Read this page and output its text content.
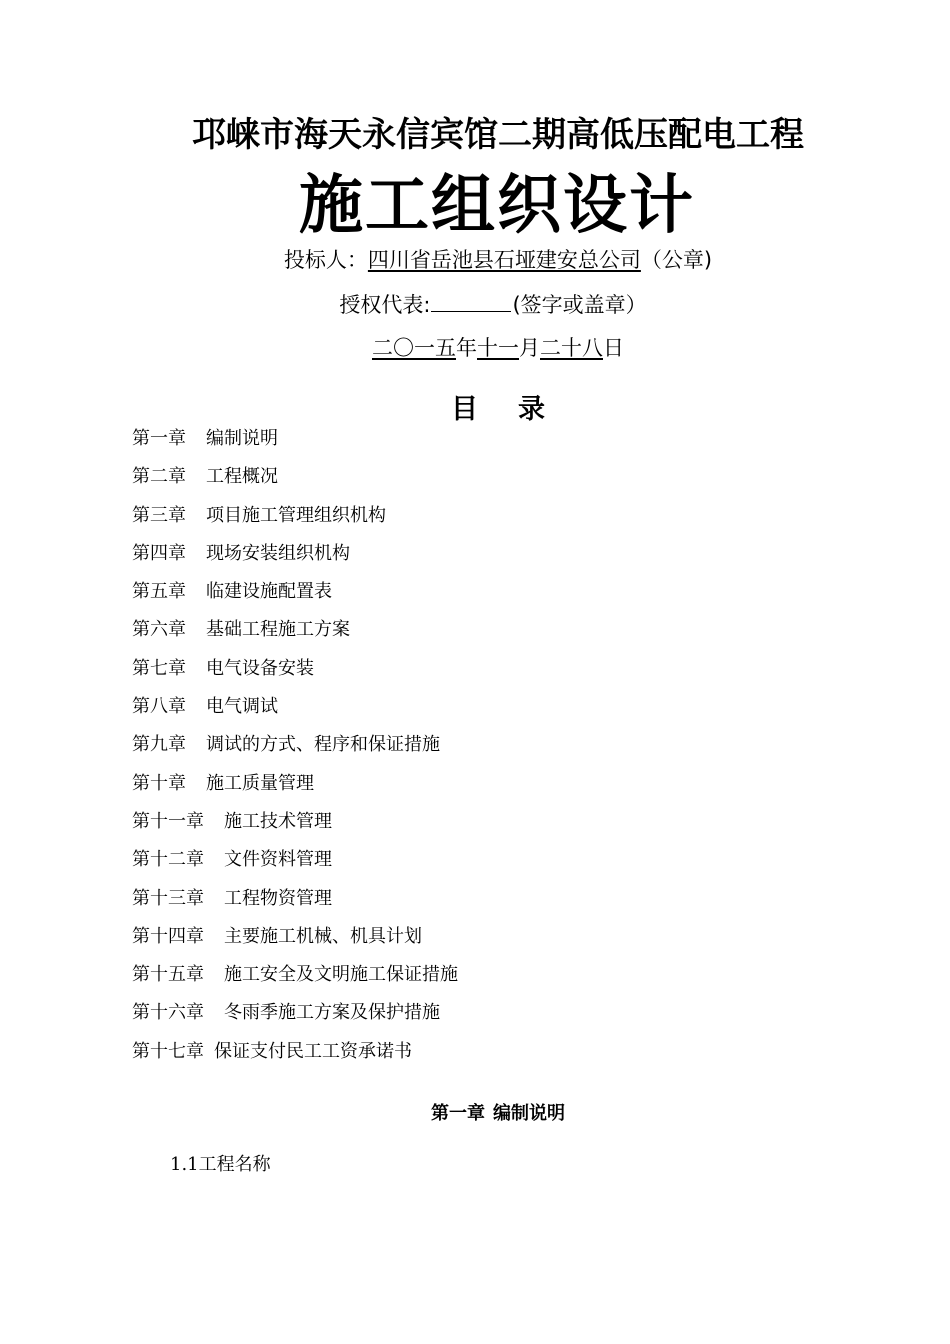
邛崃市海天永信宾馆二期高低压配电工程
施工组织设计
投标人：四川省岳池县石垭建安总公司（公章)
授权代表:	(签字或盖章）
二〇一五年十一月二十八日
目 录
第一章 编制说明
第二章 工程概况
第三章 项目施工管理组织机构
第四章 现场安装组织机构
第五章 临建设施配置表
第六章 基础工程施工方案
第七章 电气设备安装
第八章 电气调试
第九章 调试的方式、程序和保证措施
第十章 施工质量管理
第十一章 施工技术管理
第十二章 文件资料管理
第十三章 工程物资管理
第十四章 主要施工机械、机具计划
第十五章 施工安全及文明施工保证措施
第十六章 冬雨季施工方案及保护措施
第十七章 保证支付民工工资承诺书
第一章 编制说明
1.1工程名称
